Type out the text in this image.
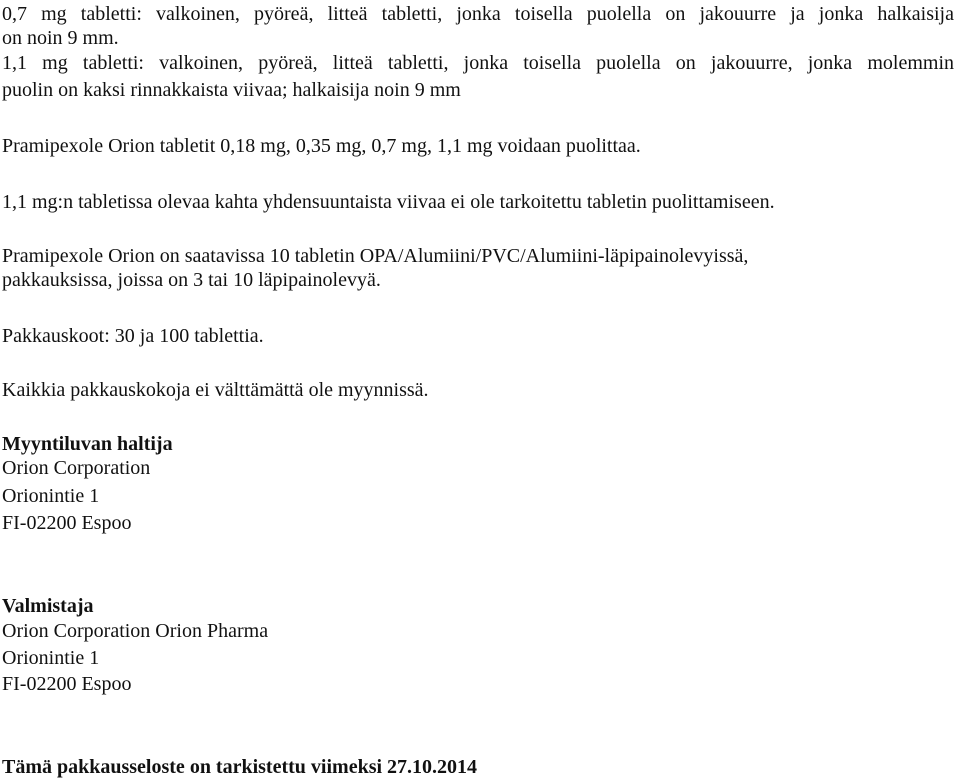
0,7 mg tabletti: valkoinen, pyöreä, litteä tabletti, jonka toisella puolella on jakouurre ja jonka halkaisija
on noin 9 mm.
1,1 mg tabletti: valkoinen, pyöreä, litteä tabletti, jonka toisella puolella on jakouurre, jonka molemmin
puolin on kaksi rinnakkaista viivaa; halkaisija noin 9 mm
Pramipexole Orion tabletit 0,18 mg, 0,35 mg, 0,7 mg, 1,1 mg voidaan puolittaa.
1,1 mg:n tabletissa olevaa kahta yhdensuuntaista viivaa ei ole tarkoitettu tabletin puolittamiseen.
Pramipexole Orion on saatavissa 10 tabletin OPA/Alumiini/PVC/Alumiini-läpipainolevyissä,
pakkauksissa, joissa on 3 tai 10 läpipainolevyä.
Pakkauskoot: 30 ja 100 tablettia.
Kaikkia pakkauskokoja ei välttämättä ole myynnissä.
Myyntiluvan haltija
Orion Corporation
Orionintie 1
FI-02200 Espoo
Valmistaja
Orion Corporation Orion Pharma
Orionintie 1
FI-02200 Espoo
Tämä pakkausseloste on tarkistettu viimeksi 27.10.2014
